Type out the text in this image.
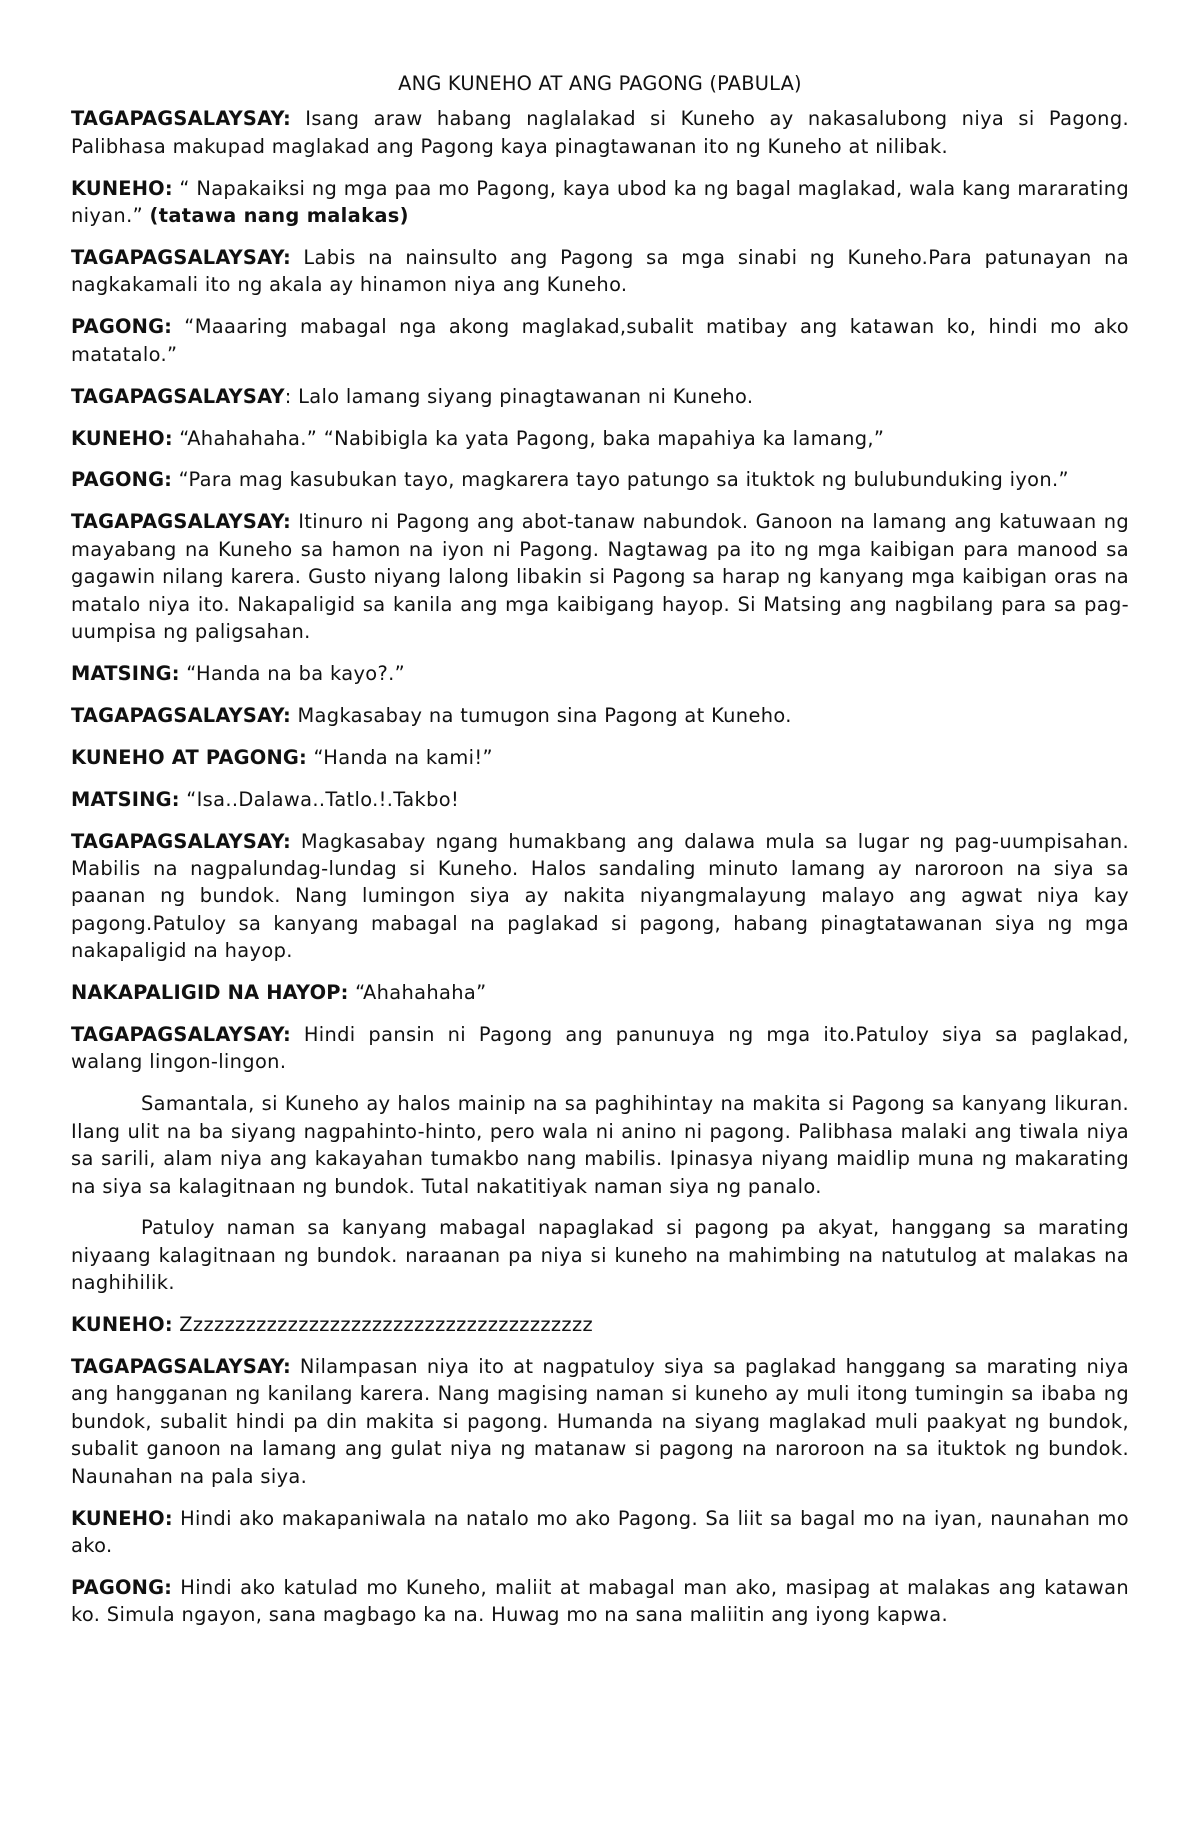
ANG KUNEHO AT ANG PAGONG (PABULA)
TAGAPAGSALAYSAY: Isang araw habang naglalakad si Kuneho ay nakasalubong niya si Pagong. Palibhasa makupad maglakad ang Pagong kaya pinagtawanan ito ng Kuneho at nilibak.
KUNEHO: “ Napakaiksi ng mga paa mo Pagong, kaya ubod ka ng bagal maglakad, wala kang mararating niyan.” (tatawa nang malakas)
TAGAPAGSALAYSAY: Labis na nainsulto ang Pagong sa mga sinabi ng Kuneho.Para patunayan na nagkakamali ito ng akala ay hinamon niya ang Kuneho.
PAGONG: “Maaaring mabagal nga akong maglakad,subalit matibay ang katawan ko, hindi mo ako matatalo.”
TAGAPAGSALAYSAY: Lalo lamang siyang pinagtawanan ni Kuneho.
KUNEHO: “Ahahahaha.” “Nabibigla ka yata Pagong, baka mapahiya ka lamang,”
PAGONG: “Para mag kasubukan tayo, magkarera tayo patungo sa ituktok ng bulubunduking iyon.”
TAGAPAGSALAYSAY: Itinuro ni Pagong ang abot-tanaw nabundok. Ganoon na lamang ang katuwaan ng mayabang na Kuneho sa hamon na iyon ni Pagong. Nagtawag pa ito ng mga kaibigan para manood sa gagawin nilang karera. Gusto niyang lalong libakin si Pagong sa harap ng kanyang mga kaibigan oras na matalo niya ito. Nakapaligid sa kanila ang mga kaibigang hayop. Si Matsing ang nagbilang para sa pag-uumpisa ng paligsahan.
MATSING: “Handa na ba kayo?.”
TAGAPAGSALAYSAY: Magkasabay na tumugon sina Pagong at Kuneho.
KUNEHO AT PAGONG: “Handa na kami!”
MATSING: “Isa..Dalawa..Tatlo.!.Takbo!
TAGAPAGSALAYSAY: Magkasabay ngang humakbang ang dalawa mula sa lugar ng pag-uumpisahan. Mabilis na nagpalundag-lundag si Kuneho. Halos sandaling minuto lamang ay naroroon na siya sa paanan ng bundok. Nang lumingon siya ay nakita niyangmalayung malayo ang agwat niya kay pagong.Patuloy sa kanyang mabagal na paglakad si pagong, habang pinagtatawanan siya ng mga nakapaligid na hayop.
NAKAPALIGID NA HAYOP: “Ahahahaha”
TAGAPAGSALAYSAY: Hindi pansin ni Pagong ang panunuya ng mga ito.Patuloy siya sa paglakad, walang lingon-lingon.
Samantala, si Kuneho ay halos mainip na sa paghihintay na makita si Pagong sa kanyang likuran. Ilang ulit na ba siyang nagpahinto-hinto, pero wala ni anino ni pagong. Palibhasa malaki ang tiwala niya sa sarili, alam niya ang kakayahan tumakbo nang mabilis. Ipinasya niyang maidlip muna ng makarating na siya sa kalagitnaan ng bundok. Tutal nakatitiyak naman siya ng panalo.
Patuloy naman sa kanyang mabagal napaglakad si pagong pa akyat, hanggang sa marating niyaang kalagitnaan ng bundok. naraanan pa niya si kuneho na mahimbing na natutulog at malakas na naghihilik.
KUNEHO: Zzzzzzzzzzzzzzzzzzzzzzzzzzzzzzzzzzzzzzz
TAGAPAGSALAYSAY: Nilampasan niya ito at nagpatuloy siya sa paglakad hanggang sa marating niya ang hangganan ng kanilang karera. Nang magising naman si kuneho ay muli itong tumingin sa ibaba ng bundok, subalit hindi pa din makita si pagong. Humanda na siyang maglakad muli paakyat ng bundok, subalit ganoon na lamang ang gulat niya ng matanaw si pagong na naroroon na sa ituktok ng bundok. Naunahan na pala siya.
KUNEHO: Hindi ako makapaniwala na natalo mo ako Pagong. Sa liit sa bagal mo na iyan, naunahan mo ako.
PAGONG: Hindi ako katulad mo Kuneho, maliit at mabagal man ako, masipag at malakas ang katawan ko. Simula ngayon, sana magbago ka na. Huwag mo na sana maliitin ang iyong kapwa.
